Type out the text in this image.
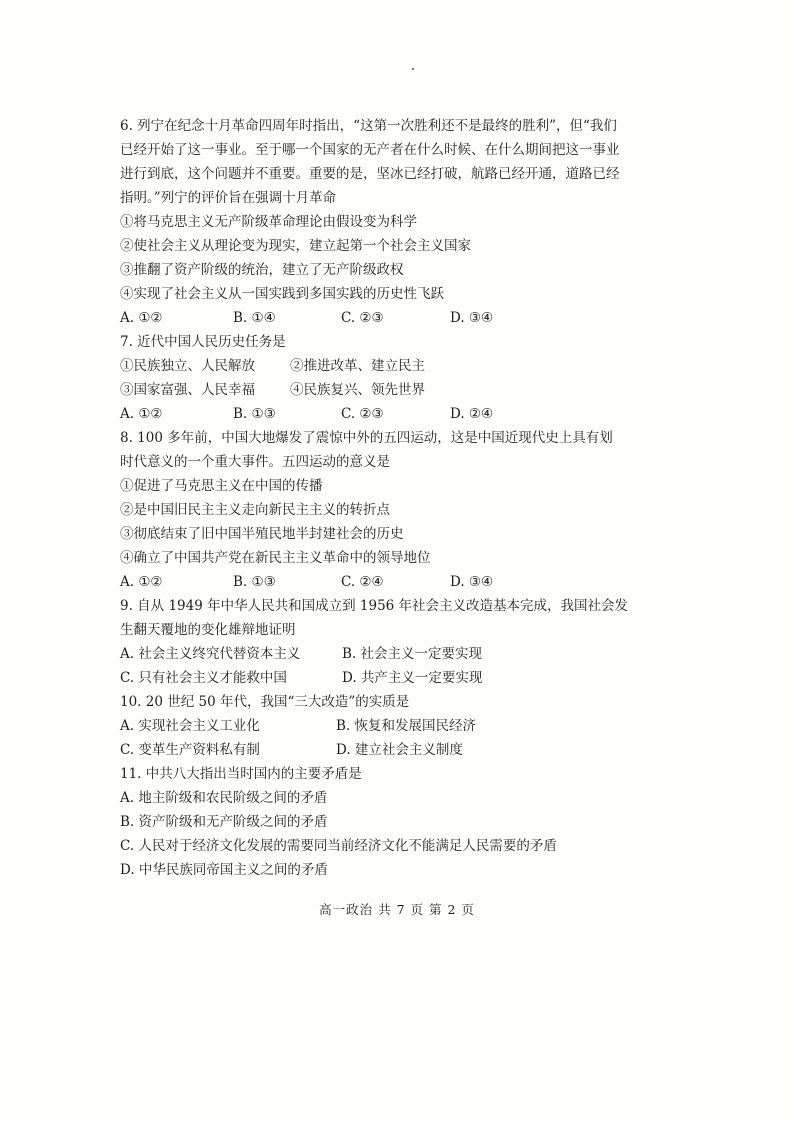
6. 列宁在纪念十月革命四周年时指出，“这第一次胜利还不是最终的胜利”，但“我们
已经开始了这一事业。至于哪一个国家的无产者在什么时候、在什么期间把这一事业
进行到底，这个问题并不重要。重要的是，坚冰已经打破，航路已经开通，道路已经
指明。”列宁的评价旨在强调十月革命
①将马克思主义无产阶级革命理论由假设变为科学
②使社会主义从理论变为现实，建立起第一个社会主义国家
③推翻了资产阶级的统治，建立了无产阶级政权
④实现了社会主义从一国实践到多国实践的历史性飞跃
A. ①②	B. ①④	C. ②③	D. ③④
7. 近代中国人民历史任务是
①民族独立、人民解放	②推进改革、建立民主
③国家富强、人民幸福	④民族复兴、领先世界
A. ①②	B. ①③	C. ②③	D. ②④
8. 100 多年前，中国大地爆发了震惊中外的五四运动，这是中国近现代史上具有划
时代意义的一个重大事件。五四运动的意义是
①促进了马克思主义在中国的传播
②是中国旧民主主义走向新民主主义的转折点
③彻底结束了旧中国半殖民地半封建社会的历史
④确立了中国共产党在新民主主义革命中的领导地位
A. ①②	B. ①③	C. ②④	D. ③④
9. 自从 1949 年中华人民共和国成立到 1956 年社会主义改造基本完成，我国社会发
生翻天覆地的变化雄辩地证明
A. 社会主义终究代替资本主义	B. 社会主义一定要实现
C. 只有社会主义才能救中国	D. 共产主义一定要实现
10. 20 世纪 50 年代，我国“三大改造”的实质是
A. 实现社会主义工业化	B. 恢复和发展国民经济
C. 变革生产资料私有制	D. 建立社会主义制度
11. 中共八大指出当时国内的主要矛盾是
A. 地主阶级和农民阶级之间的矛盾
B. 资产阶级和无产阶级之间的矛盾
C. 人民对于经济文化发展的需要同当前经济文化不能满足人民需要的矛盾
D. 中华民族同帝国主义之间的矛盾
高一政治 共 7 页 第 2 页
